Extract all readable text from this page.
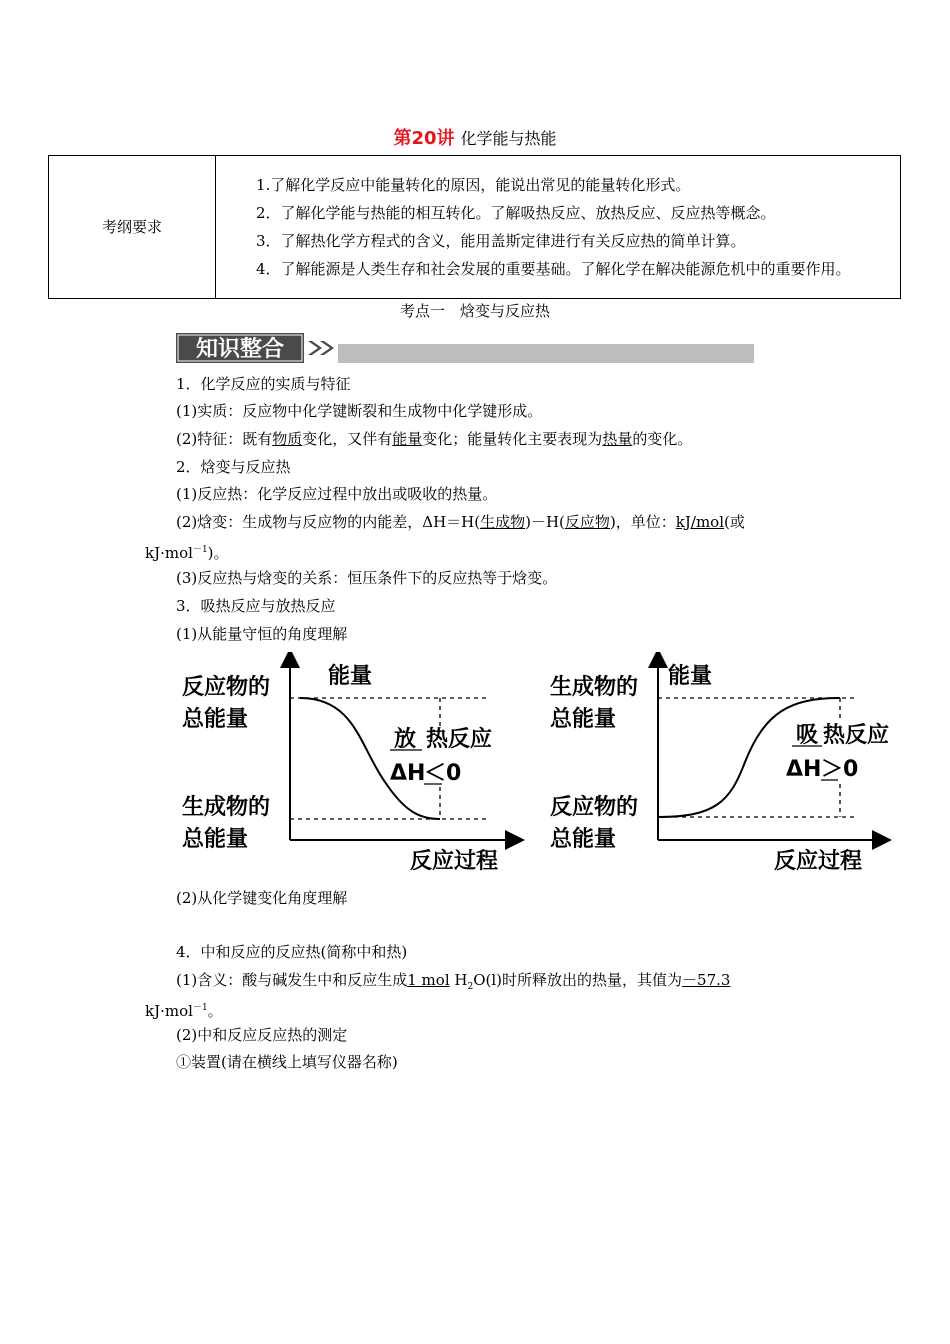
第20讲 化学能与热能
考纲要求	

1.了解化学反应中能量转化的原因，能说出常见的能量转化形式。

2．了解化学能与热能的相互转化。了解吸热反应、放热反应、反应热等概念。

3．了解热化学方程式的含义，能用盖斯定律进行有关反应热的简单计算。

4．了解能源是人类生存和社会发展的重要基础。了解化学在解决能源危机中的重要作用。

考点一　焓变与反应热
知识整合
1．化学反应的实质与特征
(1)实质：反应物中化学键断裂和生成物中化学键形成。
(2)特征：既有物质变化，又伴有能量变化；能量转化主要表现为热量的变化。
2．焓变与反应热
(1)反应热：化学反应过程中放出或吸收的热量。
(2)焓变：生成物与反应物的内能差，ΔH＝H(生成物)－H(反应物)，单位：kJ/mol(或
kJ·mol$^{-1}$)。
(3)反应热与焓变的关系：恒压条件下的反应热等于焓变。
3．吸热反应与放热反应
(1)从能量守恒的角度理解
能量
反应过程
反应物的
总能量
生成物的
总能量
放 热反应
ΔH
＜0
能量
反应过程
生成物的
总能量
反应物的
总能量
吸 热反应
ΔH ＞0
(2)从化学键变化角度理解
4．中和反应的反应热(简称中和热)
(1)含义：酸与碱发生中和反应生成1 mol $H_2O(l)$时所释放出的热量，其值为－57.3
kJ·mol$^{-1}$。
(2)中和反应反应热的测定
①装置(请在横线上填写仪器名称)
